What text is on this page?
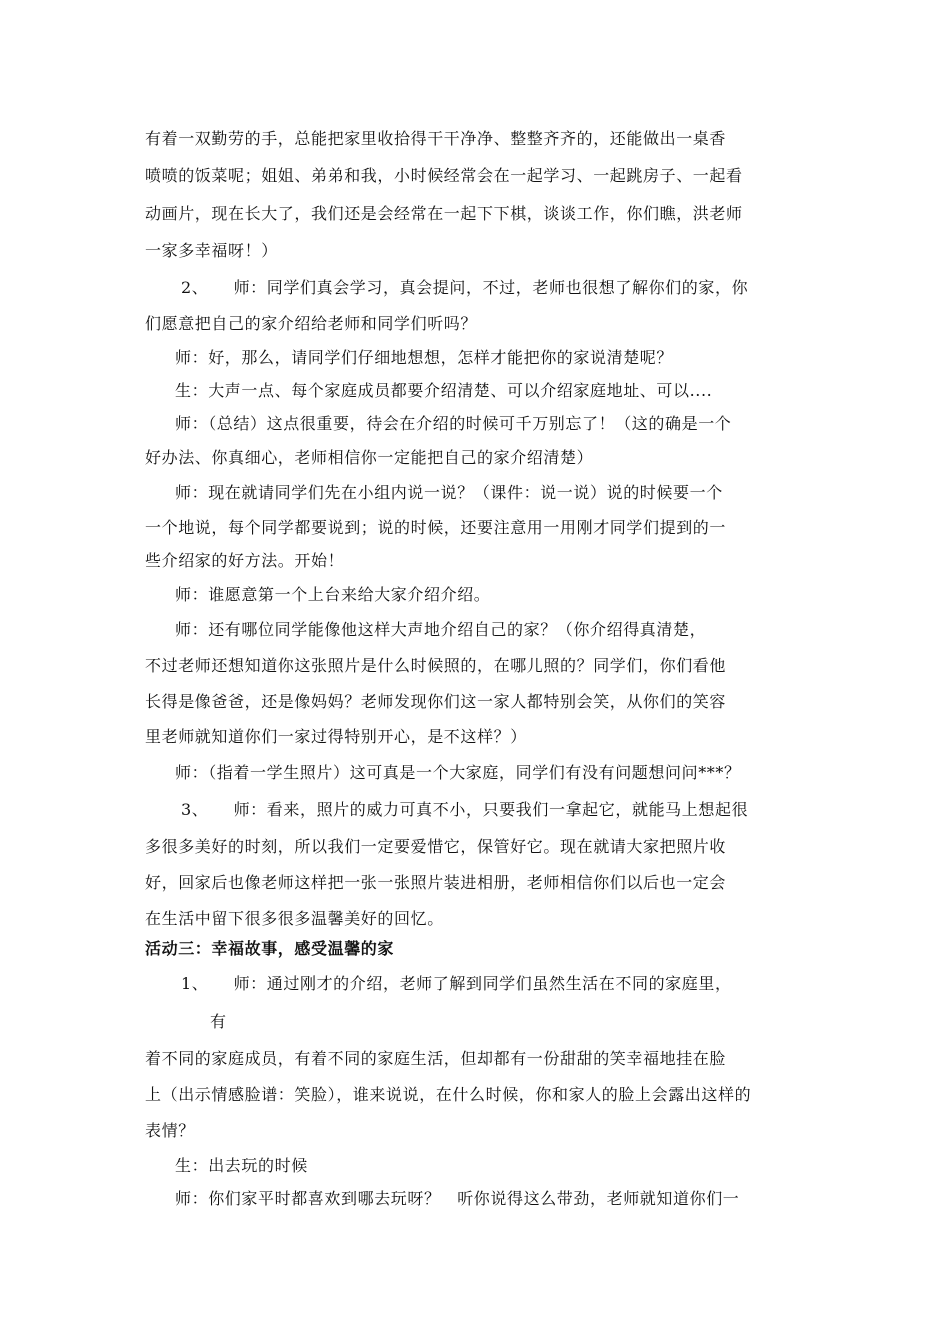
有着一双勤劳的手，总能把家里收拾得干干净净、整整齐齐的，还能做出一桌香
喷喷的饭菜呢；姐姐、弟弟和我，小时候经常会在一起学习、一起跳房子、一起看
动画片，现在长大了，我们还是会经常在一起下下棋，谈谈工作，你们瞧，洪老师
一家多幸福呀！）
2、　　师：同学们真会学习，真会提问，不过，老师也很想了解你们的家，你
们愿意把自己的家介绍给老师和同学们听吗？
师：好，那么，请同学们仔细地想想，怎样才能把你的家说清楚呢？
生：大声一点、每个家庭成员都要介绍清楚、可以介绍家庭地址、可以....
师：（总结）这点很重要，待会在介绍的时候可千万别忘了！（这的确是一个
好办法、你真细心，老师相信你一定能把自己的家介绍清楚）
师：现在就请同学们先在小组内说一说？（课件：说一说）说的时候要一个
一个地说，每个同学都要说到；说的时候，还要注意用一用刚才同学们提到的一
些介绍家的好方法。开始！
师：谁愿意第一个上台来给大家介绍介绍。
师：还有哪位同学能像他这样大声地介绍自己的家？（你介绍得真清楚，
不过老师还想知道你这张照片是什么时候照的，在哪儿照的？同学们，你们看他
长得是像爸爸，还是像妈妈？老师发现你们这一家人都特别会笑，从你们的笑容
里老师就知道你们一家过得特别开心，是不这样？）
师：（指着一学生照片）这可真是一个大家庭，同学们有没有问题想问问***？
3、　　师：看来，照片的威力可真不小，只要我们一拿起它，就能马上想起很
多很多美好的时刻，所以我们一定要爱惜它，保管好它。现在就请大家把照片收
好，回家后也像老师这样把一张一张照片装进相册，老师相信你们以后也一定会
在生活中留下很多很多温馨美好的回忆。
活动三：幸福故事，感受温馨的家
1、　　师：通过刚才的介绍，老师了解到同学们虽然生活在不同的家庭里，
有
着不同的家庭成员，有着不同的家庭生活，但却都有一份甜甜的笑幸福地挂在脸
上（出示情感脸谱：笑脸），谁来说说，在什么时候，你和家人的脸上会露出这样的
表情？
生：出去玩的时候
师：你们家平时都喜欢到哪去玩呀？　听你说得这么带劲，老师就知道你们一
